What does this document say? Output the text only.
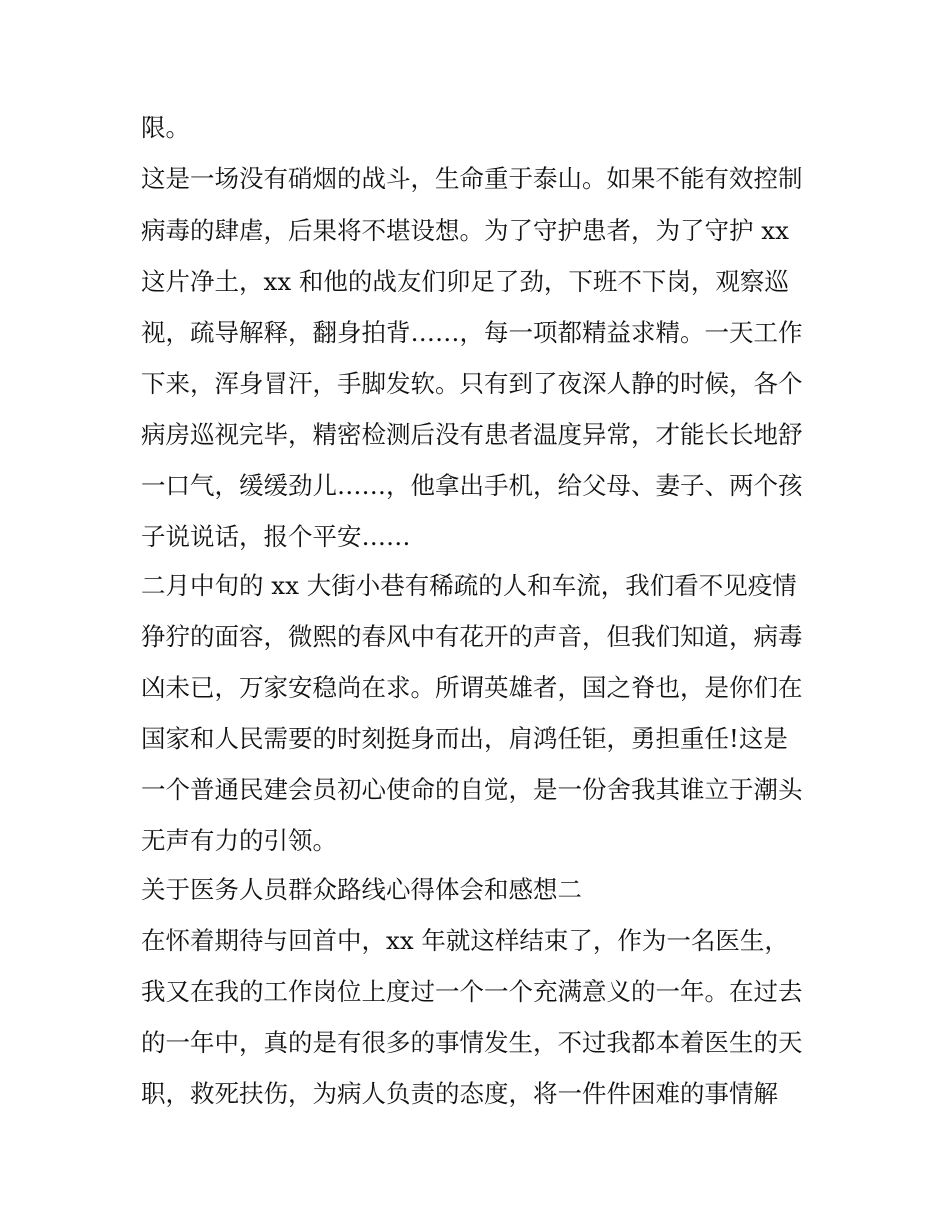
限。
这是一场没有硝烟的战斗，生命重于泰山。如果不能有效控制
病毒的肆虐，后果将不堪设想。为了守护患者，为了守护 xx
这片净土，xx 和他的战友们卯足了劲，下班不下岗，观察巡
视，疏导解释，翻身拍背……，每一项都精益求精。一天工作
下来，浑身冒汗，手脚发软。只有到了夜深人静的时候，各个
病房巡视完毕，精密检测后没有患者温度异常，才能长长地舒
一口气，缓缓劲儿……，他拿出手机，给父母、妻子、两个孩
子说说话，报个平安……
二月中旬的 xx 大街小巷有稀疏的人和车流，我们看不见疫情
狰狞的面容，微熙的春风中有花开的声音，但我们知道，病毒
凶未已，万家安稳尚在求。所谓英雄者，国之脊也，是你们在
国家和人民需要的时刻挺身而出，肩鸿任钜，勇担重任!这是
一个普通民建会员初心使命的自觉，是一份舍我其谁立于潮头
无声有力的引领。
关于医务人员群众路线心得体会和感想二
在怀着期待与回首中，xx 年就这样结束了，作为一名医生，
我又在我的工作岗位上度过一个一个充满意义的一年。在过去
的一年中，真的是有很多的事情发生，不过我都本着医生的天
职，救死扶伤，为病人负责的态度，将一件件困难的事情解
